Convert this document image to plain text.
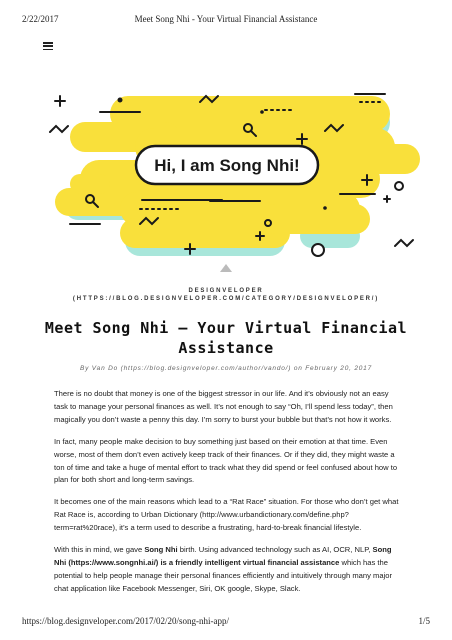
2/22/2017	Meet Song Nhi - Your Virtual Financial Assistance
Hi, I am Song Nhi!
DESIGNVELOPER
(HTTPS://BLOG.DESIGNVELOPER.COM/CATEGORY/DESIGNVELOPER/)
Meet Song Nhi – Your Virtual Financial Assistance
By Van Do (https://blog.designveloper.com/author/vando/) on February 20, 2017

There is no doubt that money is one of the biggest stressor in our life. And it’s obviously not an easy task to manage your personal finances as well. It’s not enough to say “Oh, I’ll spend less today”, then magically you don’t waste a penny this day. I’m sorry to burst your bubble but that’s not how it works.

In fact, many people make decision to buy something just based on their emotion at that time. Even worse, most of them don’t even actively keep track of their finances. Or if they did, they might waste a ton of time and take a huge of mental effort to track what they did spend or feel confused about how to plan for both short and long-term savings.

It becomes one of the main reasons which lead to a “Rat Race” situation. For those who don’t get what Rat Race is, according to Urban Dictionary (http://www.urbandictionary.com/define.php?term=rat%20race), it’s a term used to describe a frustrating, hard-to-break financial lifestyle.

With this in mind, we gave Song Nhi birth. Using advanced technology such as AI, OCR, NLP, Song Nhi (https://www.songnhi.ai/) is a friendly intelligent virtual financial assistance which has the potential to help people manage their personal finances efficiently and intuitively through many major chat application like Facebook Messenger, Siri, OK google, Skype, Slack.

https://blog.designveloper.com/2017/02/20/song-nhi-app/	1/5
